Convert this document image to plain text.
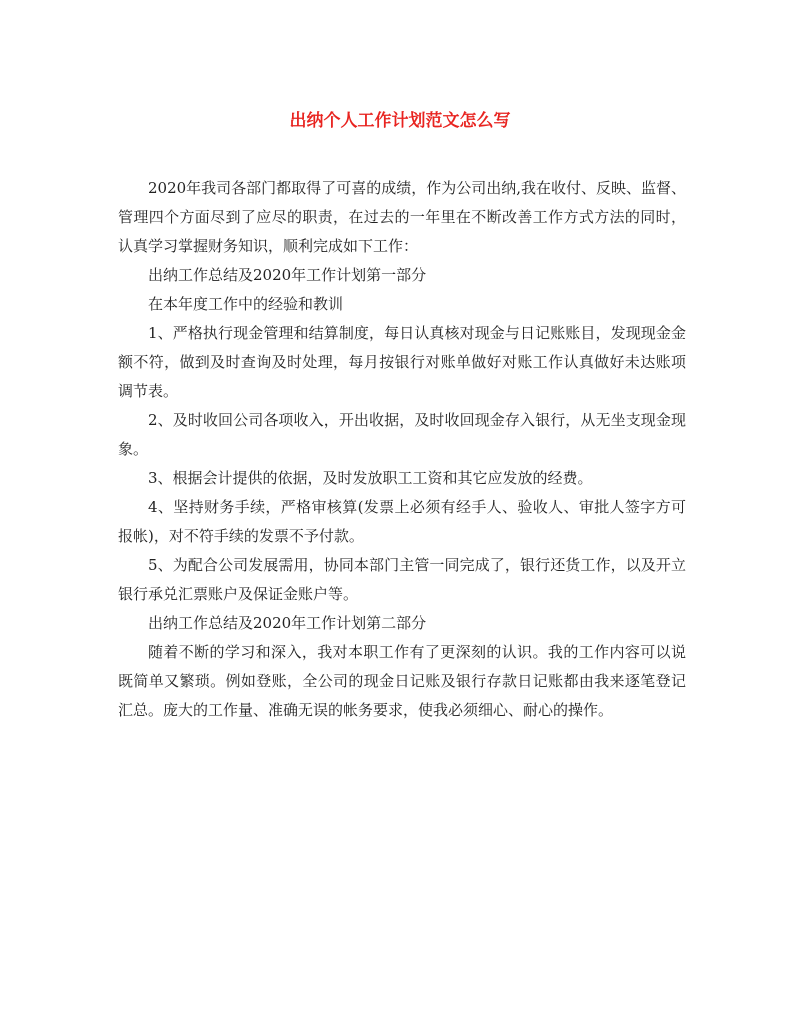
出纳个人工作计划范文怎么写

2020年我司各部门都取得了可喜的成绩，作为公司出纳,我在收付、反映、监督、管理四个方面尽到了应尽的职责，在过去的一年里在不断改善工作方式方法的同时，认真学习掌握财务知识，顺利完成如下工作：

出纳工作总结及2020年工作计划第一部分

在本年度工作中的经验和教训

1、严格执行现金管理和结算制度，每日认真核对现金与日记账账目，发现现金金额不符，做到及时查询及时处理，每月按银行对账单做好对账工作认真做好未达账项调节表。

2、及时收回公司各项收入，开出收据，及时收回现金存入银行，从无坐支现金现象。

3、根据会计提供的依据，及时发放职工工资和其它应发放的经费。

4、坚持财务手续，严格审核算(发票上必须有经手人、验收人、审批人签字方可报帐)，对不符手续的发票不予付款。

5、为配合公司发展需用，协同本部门主管一同完成了，银行还货工作，以及开立银行承兑汇票账户及保证金账户等。

出纳工作总结及2020年工作计划第二部分

随着不断的学习和深入，我对本职工作有了更深刻的认识。我的工作内容可以说既简单又繁琐。例如登账，全公司的现金日记账及银行存款日记账都由我来逐笔登记汇总。庞大的工作量、准确无误的帐务要求，使我必须细心、耐心的操作。
